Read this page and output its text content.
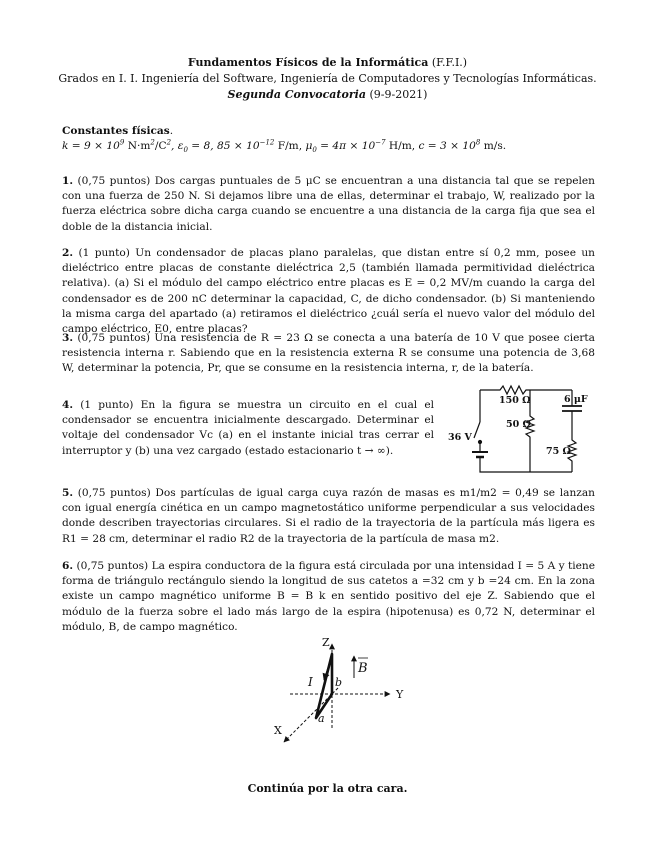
Fundamentos Físicos de la Informática (F.F.I.)
Grados en I. I. Ingeniería del Software, Ingeniería de Computadores y Tecnologías Informáticas.
Segunda Convocatoria (9-9-2021)
Constantes físicas.
$k = 9 \times 10^9$ $N\cdot m^2/C^2$, $\varepsilon_0 = 8$, $85 \times 10^{-12}$ F/m, $\mu_0 = 4\pi \times 10^{-7}$ H/m, $c = 3 \times 10^8$ m/s.
1. (0,75 puntos) Dos cargas puntuales de 5 μC se encuentran a una distancia tal que se repelen con una fuerza de 250 N. Si dejamos libre una de ellas, determinar el trabajo, W, realizado por la fuerza eléctrica sobre dicha carga cuando se encuentre a una distancia de la carga fija que sea el doble de la distancia inicial.
2. (1 punto) Un condensador de placas plano paralelas, que distan entre sí 0,2 mm, posee un dieléctrico entre placas de constante dieléctrica 2,5 (también llamada permitividad dieléctrica relativa). (a) Si el módulo del campo eléctrico entre placas es E = 0,2 MV/m cuando la carga del condensador es de 200 nC determinar la capacidad, C, de dicho condensador. (b) Si manteniendo la misma carga del apartado (a) retiramos el dieléctrico ¿cuál sería el nuevo valor del módulo del campo eléctrico, E0, entre placas?
3. (0,75 puntos) Una resistencia de R = 23 Ω se conecta a una batería de 10 V que posee cierta resistencia interna r. Sabiendo que en la resistencia externa R se consume una potencia de 3,68 W, determinar la potencia, Pr, que se consume en la resistencia interna, r, de la batería.
4. (1 punto) En la figura se muestra un circuito en el cual el condensador se encuentra inicialmente descargado. Determinar el voltaje del condensador Vc (a) en el instante inicial tras cerrar el interruptor y (b) una vez cargado (estado estacionario t → ∞).
150 Ω
50 Ω
75 Ω
6 μF
36 V
5. (0,75 puntos) Dos partículas de igual carga cuya razón de masas es m1/m2 = 0,49 se lanzan con igual energía cinética en un campo magnetostático uniforme perpendicular a sus velocidades donde describen trayectorias circulares. Si el radio de la trayectoria de la partícula más ligera es R1 = 28 cm, determinar el radio R2 de la trayectoria de la partícula de masa m2.
6. (0,75 puntos) La espira conductora de la figura está circulada por una intensidad I = 5 A y tiene forma de triángulo rectángulo siendo la longitud de sus catetos a =32 cm y b =24 cm. En la zona existe un campo magnético uniforme B = B k en sentido positivo del eje Z. Sabiendo que el módulo de la fuerza sobre el lado más largo de la espira (hipotenusa) es 0,72 N, determinar el módulo, B, de campo magnético.
Z
Y
X
I b
a
B
Continúa por la otra cara.
